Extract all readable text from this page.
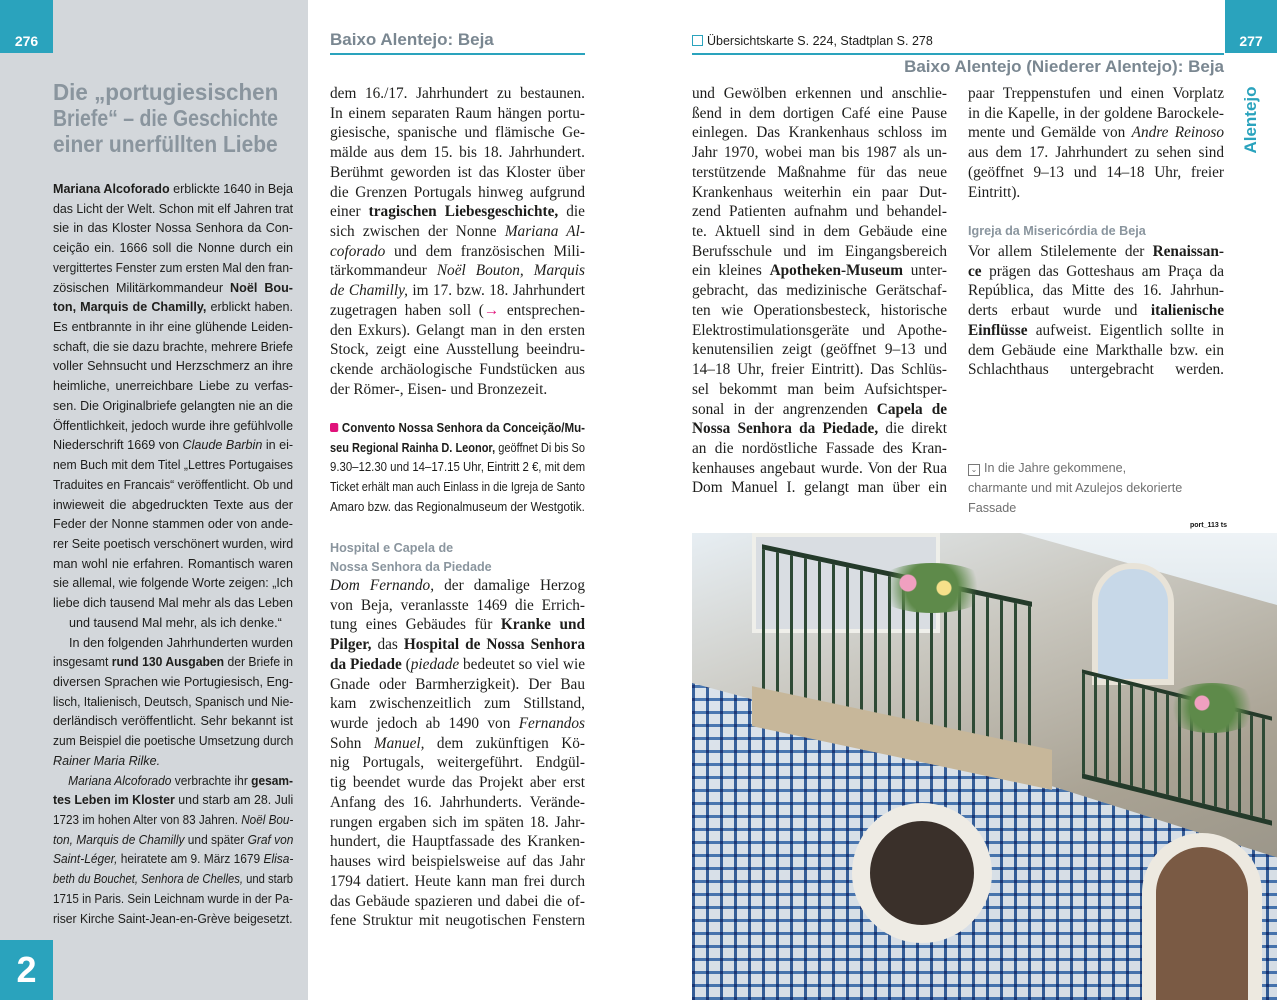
276
2
Die „portugiesischen
Briefe“ – die Geschichte
einer unerfüllten Liebe
Mariana Alcoforado erblickte 1640 in Beja
das Licht der Welt. Schon mit elf Jahren trat
sie in das Kloster Nossa Senhora da Con-
ceição ein. 1666 soll die Nonne durch ein
vergittertes Fenster zum ersten Mal den fran-
zösischen Militärkommandeur Noël Bou-
ton, Marquis de Chamilly, erblickt haben.
Es entbrannte in ihr eine glühende Leiden-
schaft, die sie dazu brachte, mehrere Briefe
voller Sehnsucht und Herzschmerz an ihre
heimliche, unerreichbare Liebe zu verfas-
sen. Die Originalbriefe gelangten nie an die
Öffentlichkeit, jedoch wurde ihre gefühlvolle
Niederschrift 1669 von Claude Barbin in ei-
nem Buch mit dem Titel „Lettres Portugaises
Traduites en Francais“ veröffentlicht. Ob und
inwieweit die abgedruckten Texte aus der
Feder der Nonne stammen oder von ande-
rer Seite poetisch verschönert wurden, wird
man wohl nie erfahren. Romantisch waren
sie allemal, wie folgende Worte zeigen: „Ich
liebe dich tausend Mal mehr als das Leben
und tausend Mal mehr, als ich denke.“
In den folgenden Jahrhunderten wurden
insgesamt rund 130 Ausgaben der Briefe in
diversen Sprachen wie Portugiesisch, Eng-
lisch, Italienisch, Deutsch, Spanisch und Nie-
derländisch veröffentlicht. Sehr bekannt ist
zum Beispiel die poetische Umsetzung durch
Rainer Maria Rilke.
Mariana Alcoforado verbrachte ihr gesam-
tes Leben im Kloster und starb am 28. Juli
1723 im hohen Alter von 83 Jahren. Noël Bou-
ton, Marquis de Chamilly und später Graf von
Saint-Léger, heiratete am 9. März 1679 Elisa-
beth du Bouchet, Senhora de Chelles, und starb
1715 in Paris. Sein Leichnam wurde in der Pa-
riser Kirche Saint-Jean-en-Grève beigesetzt.
Baixo Alentejo: Beja
dem 16./17. Jahrhundert zu bestaunen.
In einem separaten Raum hängen portu-
giesische, spanische und flämische Ge-
mälde aus dem 15. bis 18. Jahrhundert.
Berühmt geworden ist das Kloster über
die Grenzen Portugals hinweg aufgrund
einer tragischen Liebesgeschichte, die
sich zwischen der Nonne Mariana Al-
coforado und dem französischen Mili-
tärkommandeur Noël Bouton, Marquis
de Chamilly, im 17. bzw. 18. Jahrhundert
zugetragen haben soll (→ entsprechen-
den Exkurs). Gelangt man in den ersten
Stock, zeigt eine Ausstellung beeindru-
ckende archäologische Fundstücken aus
der Römer-, Eisen- und Bronzezeit.
Convento Nossa Senhora da Conceição/Mu-
seu Regional Rainha D. Leonor, geöffnet Di bis So
9.30–12.30 und 14–17.15 Uhr, Eintritt 2 €, mit dem
Ticket erhält man auch Einlass in die Igreja de Santo
Amaro bzw. das Regionalmuseum der Westgotik.
Hospital e Capela de
Nossa Senhora da Piedade
Dom Fernando, der damalige Herzog
von Beja, veranlasste 1469 die Errich-
tung eines Gebäudes für Kranke und
Pilger, das Hospital de Nossa Senhora
da Piedade (piedade bedeutet so viel wie
Gnade oder Barmherzigkeit). Der Bau
kam zwischenzeitlich zum Stillstand,
wurde jedoch ab 1490 von Fernandos
Sohn Manuel, dem zukünftigen Kö-
nig Portugals, weitergeführt. Endgül-
tig beendet wurde das Projekt aber erst
Anfang des 16. Jahrhunderts. Verände-
rungen ergaben sich im späten 18. Jahr-
hundert, die Hauptfassade des Kranken-
hauses wird beispielsweise auf das Jahr
1794 datiert. Heute kann man frei durch
das Gebäude spazieren und dabei die of-
fene Struktur mit neugotischen Fenstern
Übersichtskarte S. 224, Stadtplan S. 278
Baixo Alentejo (Niederer Alentejo): Beja
277
Alentejo
und Gewölben erkennen und anschlie-
ßend in dem dortigen Café eine Pause
einlegen. Das Krankenhaus schloss im
Jahr 1970, wobei man bis 1987 als un-
terstützende Maßnahme für das neue
Krankenhaus weiterhin ein paar Dut-
zend Patienten aufnahm und behandel-
te. Aktuell sind in dem Gebäude eine
Berufsschule und im Eingangsbereich
ein kleines Apotheken-Museum unter-
gebracht, das medizinische Gerätschaf-
ten wie Operationsbesteck, historische
Elektrostimulationsgeräte und Apothe-
kenutensilien zeigt (geöffnet 9–13 und
14–18 Uhr, freier Eintritt). Das Schlüs-
sel bekommt man beim Aufsichtsper-
sonal in der angrenzenden Capela de
Nossa Senhora da Piedade, die direkt
an die nordöstliche Fassade des Kran-
kenhauses angebaut wurde. Von der Rua
Dom Manuel I. gelangt man über ein
paar Treppenstufen und einen Vorplatz
in die Kapelle, in der goldene Barockele-
mente und Gemälde von Andre Reinoso
aus dem 17. Jahrhundert zu sehen sind
(geöffnet 9–13 und 14–18 Uhr, freier
Eintritt).
Igreja da Misericórdia de Beja
Vor allem Stilelemente der Renaissan-
ce prägen das Gotteshaus am Praça da
República, das Mitte des 16. Jahrhun-
derts erbaut wurde und italienische
Einflüsse aufweist. Eigentlich sollte in
dem Gebäude eine Markthalle bzw. ein
Schlachthaus untergebracht werden.
⌄ In die Jahre gekommene,
charmante und mit Azulejos dekorierte Fassade
port_113 ts
